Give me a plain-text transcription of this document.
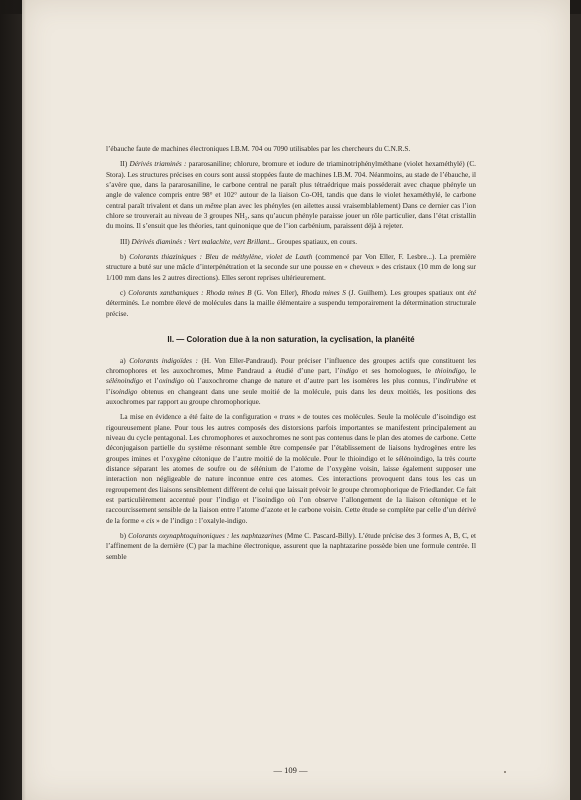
l’ébauche faute de machines électroniques I.B.M. 704 ou 7090 utilisables par les chercheurs du C.N.R.S.

II) Dérivés triaminés : pararosaniline; chlorure, bromure et iodure de triaminotriphénylméthane (violet hexaméthylé) (C. Stora). Les structures précises en cours sont aussi stoppées faute de machines I.B.M. 704. Néanmoins, au stade de l’ébauche, il s’avère que, dans la pararosaniline, le carbone central ne paraît plus tétraédrique mais posséderait avec chaque phényle un angle de valence compris entre 98° et 102° autour de la liaison Co-OH, tandis que dans le violet hexaméthylé, le carbone central paraît trivalent et dans un même plan avec les phényles (en ailettes aussi vraisemblablement) Dans ce dernier cas l’ion chlore se trouverait au niveau de 3 groupes NH₂, sans qu’aucun phényle paraisse jouer un rôle particulier, dans l’état cristallin du moins. Il s’ensuit que les théories, tant quinonique que de l’ion carbénium, paraissent déjà à rejeter.

III) Dérivés diaminés : Vert malachite, vert Brillant... Groupes spatiaux, en cours.

b) Colorants thiaziniques : Bleu de méthylène, violet de Lauth (commencé par Von Eller, F. Lesbre...). La première structure a buté sur une mâcle d’interpénétration et la seconde sur une pousse en « cheveux » des cristaux (10 mm de long sur 1/100 mm dans les 2 autres directions). Elles seront reprises ultérieurement.

c) Colorants xanthaniques : Rhoda mines B (G. Von Eller), Rhoda mines S (J. Guilhem). Les groupes spatiaux ont été déterminés. Le nombre élevé de molécules dans la maille élémentaire a suspendu temporairement la détermination structurale précise.

II. — Coloration due à la non saturation, la cyclisation, la planéité

a) Colorants indigoïdes : (H. Von Eller-Pandraud). Pour préciser l’influence des groupes actifs que constituent les chromophores et les auxochromes, Mme Pandraud a étudié d’une part, l’indigo et ses homologues, le thioindigo, le sélénoindigo et l’oxindigo où l’auxochrome change de nature et d’autre part les isomères les plus connus, l’indirubine et l’isoindigo obtenus en changeant dans une seule moitié de la molécule, puis dans les deux moitiés, les positions des auxochromes par rapport au groupe chromophorique.

La mise en évidence a été faite de la configuration « trans » de toutes ces molécules. Seule la molécule d’isoindigo est rigoureusement plane. Pour tous les autres composés des distorsions parfois importantes se manifestent principalement au niveau du cycle pentagonal. Les chromophores et auxochromes ne sont pas contenus dans le plan des atomes de carbone. Cette déconjugaison partielle du système résonnant semble être compensée par l’établissement de liaisons hydrogènes entre les groupes imines et l’oxygène cétonique de l’autre moitié de la molécule. Pour le thioindigo et le sélénoindigo, la très courte distance séparant les atomes de soufre ou de sélénium de l’atome de l’oxygène voisin, laisse également supposer une interaction non négligeable de nature inconnue entre ces atomes. Ces interactions provoquent dans tous les cas un regroupement des liaisons sensiblement différent de celui que laissait prévoir le groupe chromophorique de Friedlander. Ce fait est particulièrement accentué pour l’indigo et l’isoindigo où l’on observe l’allongement de la liaison cétonique et le raccourcissement sensible de la liaison entre l’atome d’azote et le carbone voisin. Cette étude se complète par celle d’un dérivé de la forme « cis » de l’indigo : l’oxalyle-indigo.

b) Colorants oxynaphtoquinoniques : les naphtazarines (Mme C. Pascard-Billy). L’étude précise des 3 formes A, B, C, et l’affinement de la dernière (C) par la machine électronique, assurent que la naphtazarine possède bien une formule centrée. Il semble

— 109 —
